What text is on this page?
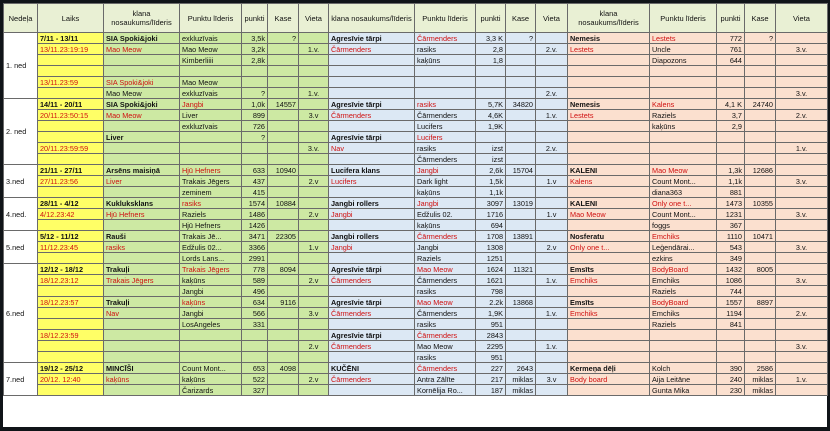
Nedeļa	Laiks	klana nosaukums/līderis	Punktu līderis	punkti	Kase	Vieta	klana nosaukums/līderis	Punktu līderis	punkti	Kase	Vieta	klana nosaukums/līderis	Punktu līderis	punkti	Kase	Vieta
1. ned	7/11 - 13/11	SIA Spoki&joki	exkluzīvais	3,5k	?		Agresīvie tārpi	Čārmenders	3,3 K	?		Nemesis	Lestets	772	?	
	13/11.23:19:19	Mao Meow	Mao Meow	3,2k		1.v.	Čārmenders	rasiks	2,8		2.v.	Lestets	Uncle	761		3.v.
			Kimberliiii	2,8k				kaķūns	1,8				Diapozons	644		

	13/11.23:59	SIA Spoki&joki	Mao Meow													
		Mao Meow	exkluzīvais	?		1.v.					2.v.					3.v.
2. ned	14/11 - 20/11	SIA Spoki&joki	Jangbi	1,0k	14557		Agresīvie tārpi	rasiks	5,7K	34820		Nemesis	Kalens	4,1 K	24740	
	20/11.23:50:15	Mao Meow	Liver	899		3.v	Čārmenders	Čārmenders	4,6K		1.v.	Lestets	Raziels	3,7		2.v.
			exkluzīvais	726				Lucifers	1,9K				kaķūns	2,9		
		Liver		?			Agresīvie tārpi	Lucifers								
	20/11.23:59:59					3.v.	Nav	rasiks	izst		2.v.					1.v.
								Čārmenders	izst							
3.ned	21/11 - 27/11	Arsēns maisiņā	Hjū Hefners	633	10940		Lucifera klans	Jangbi	2,6k	15704		KALENI	Mao Meow	1,3k	12686	
	27/11.23:56	Liver	Trakais Jēgers	437		2.v	Lucifers	Dark light	1,5k		1.v	Kalens	Count Mont...	1,1k		3.v.
			zeminem	415				kaķūns	1,1k				diana363	881		
4.ned.	28/11 - 4/12	Kukluksklans	rasiks	1574	10884		Jangbi rollers	Jangbi	3097	13019		KALENI	Only one t...	1473	10355	
	4/12.23:42	Hjū Hefners	Raziels	1486		2.v	Jangbi	Edžulis 02.	1716		1.v	Mao Meow	Count Mont...	1231		3.v.
			Hjū Hefners	1426				kaķūns	694				foggs	367		
5.ned	5/12 - 11/12	Rauši	Trakais Jē...	3471	22305		Jangbi rollers	Čārmenders	1708	13891		Nosferatu	Emchiks	1110	10471	
	11/12.23:45	rasiks	Edžulis 02...	3366		1.v	Jangbi	Jangbi	1308		2.v	Only one t...	Leģendārai...	543		3.v.
			Lords Lans...	2991				Raziels	1251				ezkins	349		
6.ned	12/12 - 18/12	Trakuļi	Trakais Jēgers	778	8094		Agresīvie tārpi	Mao Meow	1624	11321		Emsīts	BodyBoard	1432	8005	
	18/12.23:12	Trakais Jēgers	kaķūns	589		2.v	Čārmenders	Čārmenders	1621		1.v.	Emchiks	Emchiks	1086		3.v.
			Jangbi	496				rasiks	798				Raziels	744		
	18/12.23:57	Trakuļi	kaķūns	634	9116		Agresīvie tārpi	Mao Meow	2.2k	13868		Emsīts	BodyBoard	1557	8897	
		Nav	Jangbi	566		3.v	Čārmenders	Čārmenders	1,9K		1.v.	Emchiks	Emchiks	1194		2.v.
			LosAngeles	331				rasiks	951				Raziels	841		
	18/12.23:59						Agresīvie tārpi	Čārmenders	2843							
						2.v	Čārmenders	Mao Meow	2295		1.v.					3.v.
								rasiks	951							
7.ned	19/12 - 25/12	MINCĪŠI	Count Mont...	653	4098		KUČĒNI	Čārmenders	227	2643		Kermeņa dēļi	Kolch	390	2586	
	20/12. 12:40	kaķūns	kaķūns	522		2.v	Čārmenders	Antra Zālīte	217	miklas	3.v	Body board	Aija Leitāne	240	miklas	1.v.
			Čarizards	327				Kornēlija Ro...	187	miklas			Gunta Mika	230	miklas	
